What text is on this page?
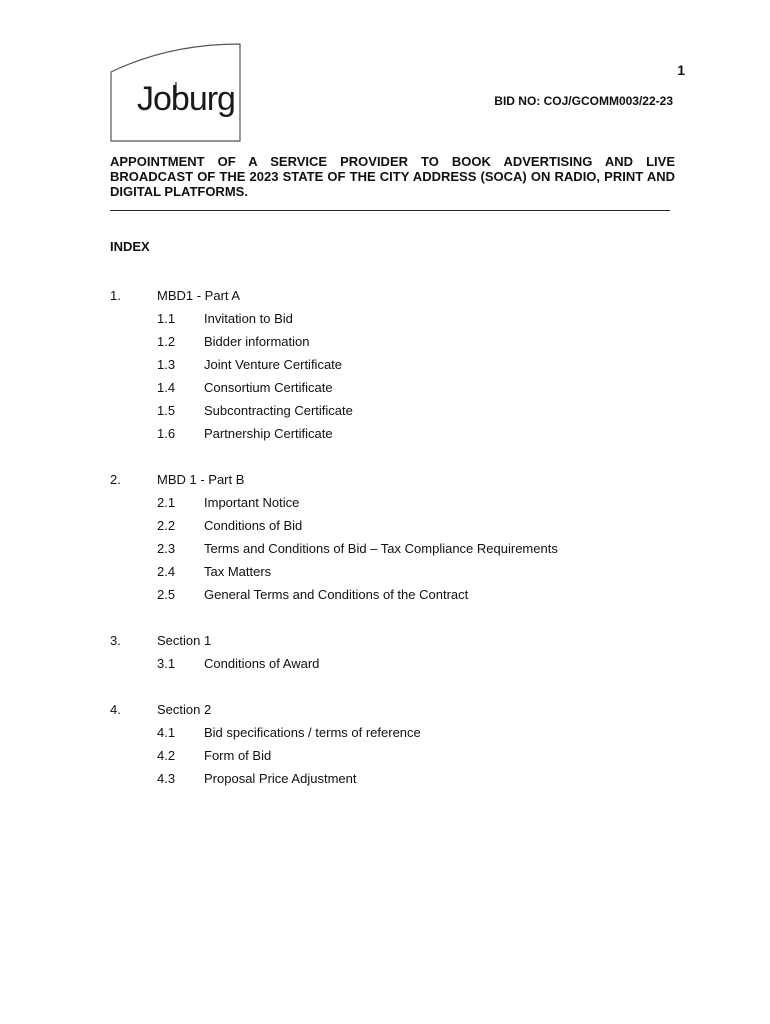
Joburg
1
BID NO: COJ/GCOMM003/22-23
APPOINTMENT OF A SERVICE PROVIDER TO BOOK ADVERTISING AND LIVE BROADCAST OF THE 2023 STATE OF THE CITY ADDRESS (SOCA) ON RADIO, PRINT AND DIGITAL PLATFORMS.
INDEX
1.	MBD1 - Part A
1.1	Invitation to Bid
1.2	Bidder information
1.3	Joint Venture Certificate
1.4	Consortium Certificate
1.5	Subcontracting Certificate
1.6	Partnership Certificate
2.	MBD 1 - Part B
2.1	Important Notice
2.2	Conditions of Bid
2.3	Terms and Conditions of Bid – Tax Compliance Requirements
2.4	Tax Matters
2.5	General Terms and Conditions of the Contract
3.	Section 1
3.1	Conditions of Award
4.	Section 2
4.1	Bid specifications / terms of reference
4.2	Form of Bid
4.3	Proposal Price Adjustment
